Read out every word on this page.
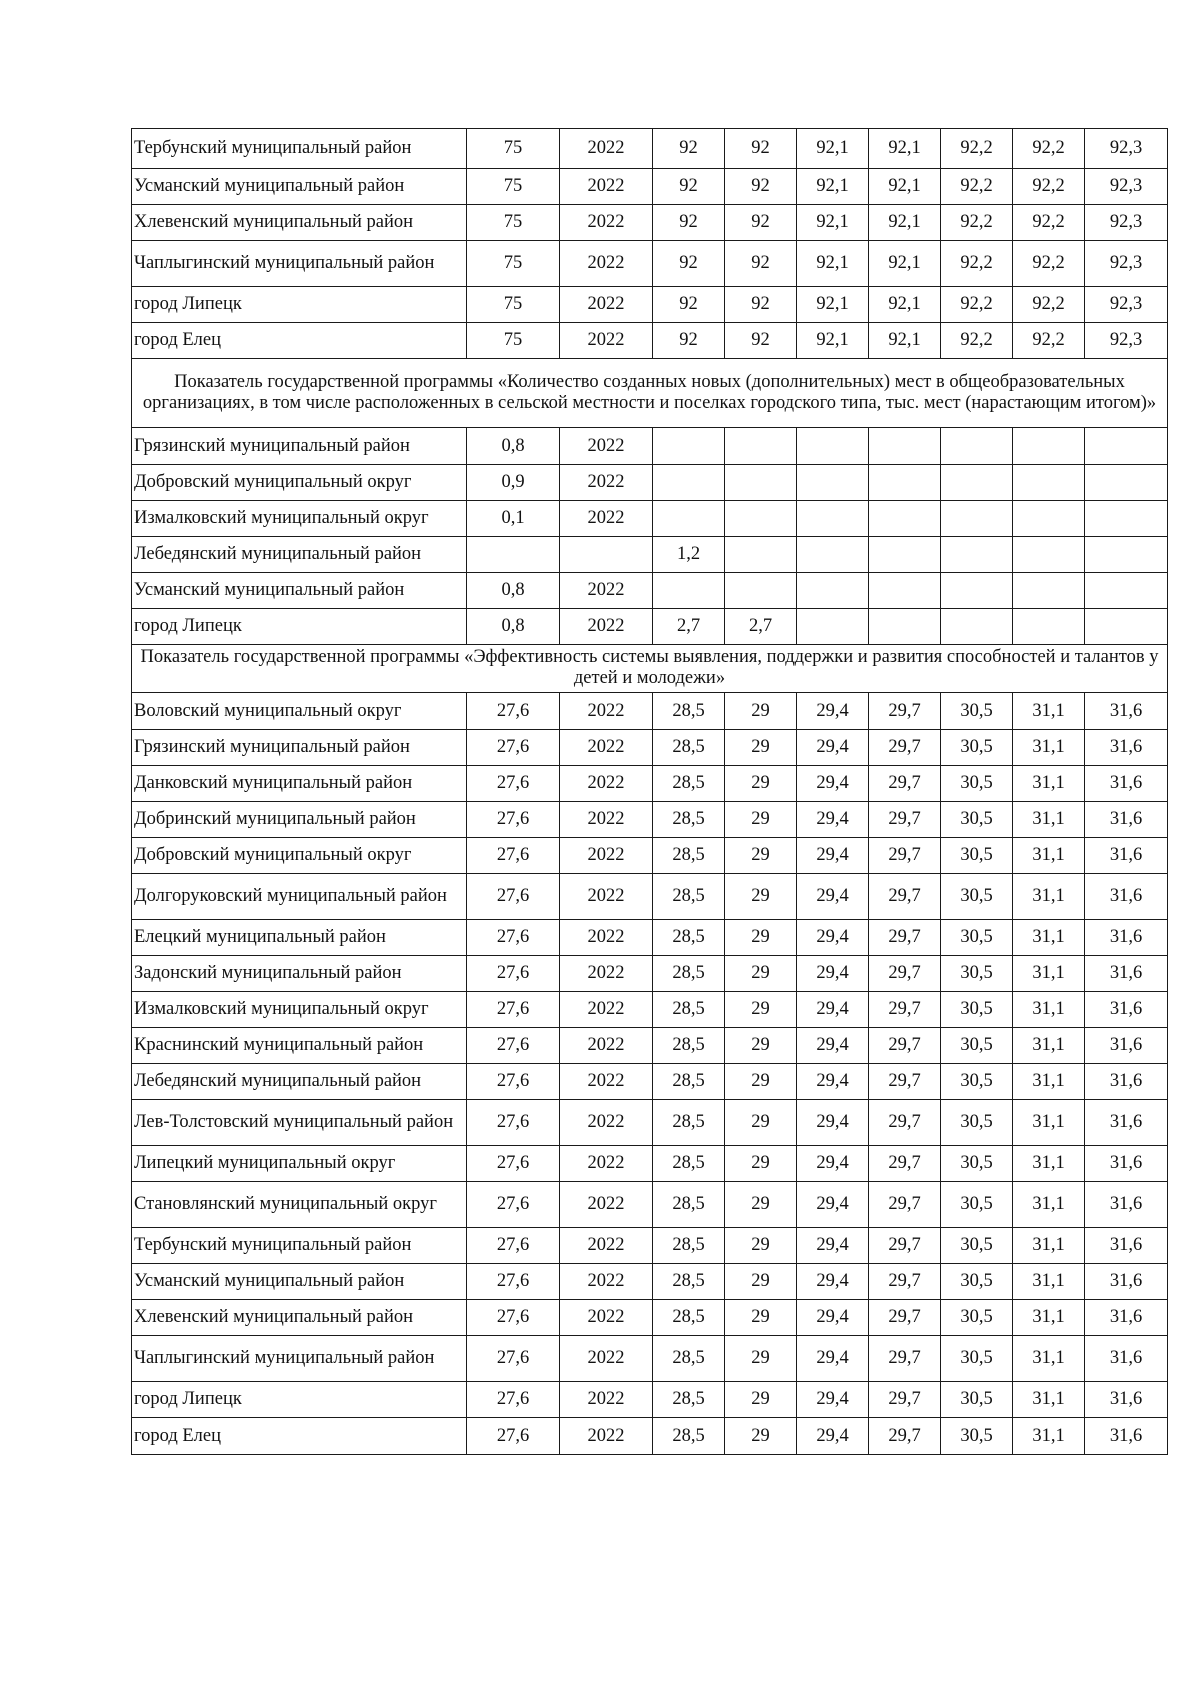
Тербунский муниципальный район	75	2022	92	92	92,1	92,1	92,2	92,2	92,3
Усманский муниципальный район	75	2022	92	92	92,1	92,1	92,2	92,2	92,3
Хлевенский муниципальный район	75	2022	92	92	92,1	92,1	92,2	92,2	92,3
Чаплыгинский муниципальный район	75	2022	92	92	92,1	92,1	92,2	92,2	92,3
город Липецк	75	2022	92	92	92,1	92,1	92,2	92,2	92,3
город Елец	75	2022	92	92	92,1	92,1	92,2	92,2	92,3
Показатель государственной программы «Количество созданных новых (дополнительных) мест в общеобразовательных организациях, в том числе расположенных в сельской местности и поселках городского типа, тыс. мест (нарастающим итогом)»									
Грязинский муниципальный район	0,8	2022							
Добровский муниципальный округ	0,9	2022							
Измалковский муниципальный округ	0,1	2022							
Лебедянский муниципальный район			1,2						
Усманский муниципальный район	0,8	2022							
город Липецк	0,8	2022	2,7	2,7					
Показатель государственной программы «Эффективность системы выявления, поддержки и развития способностей и талантов у детей и молодежи»									
Воловский муниципальный округ	27,6	2022	28,5	29	29,4	29,7	30,5	31,1	31,6
Грязинский муниципальный район	27,6	2022	28,5	29	29,4	29,7	30,5	31,1	31,6
Данковский муниципальный район	27,6	2022	28,5	29	29,4	29,7	30,5	31,1	31,6
Добринский муниципальный район	27,6	2022	28,5	29	29,4	29,7	30,5	31,1	31,6
Добровский муниципальный округ	27,6	2022	28,5	29	29,4	29,7	30,5	31,1	31,6
Долгоруковский муниципальный район	27,6	2022	28,5	29	29,4	29,7	30,5	31,1	31,6
Елецкий муниципальный район	27,6	2022	28,5	29	29,4	29,7	30,5	31,1	31,6
Задонский муниципальный район	27,6	2022	28,5	29	29,4	29,7	30,5	31,1	31,6
Измалковский муниципальный округ	27,6	2022	28,5	29	29,4	29,7	30,5	31,1	31,6
Краснинский муниципальный район	27,6	2022	28,5	29	29,4	29,7	30,5	31,1	31,6
Лебедянский муниципальный район	27,6	2022	28,5	29	29,4	29,7	30,5	31,1	31,6
Лев-Толстовский муниципальный район	27,6	2022	28,5	29	29,4	29,7	30,5	31,1	31,6
Липецкий муниципальный округ	27,6	2022	28,5	29	29,4	29,7	30,5	31,1	31,6
Становлянский муниципальный округ	27,6	2022	28,5	29	29,4	29,7	30,5	31,1	31,6
Тербунский муниципальный район	27,6	2022	28,5	29	29,4	29,7	30,5	31,1	31,6
Усманский муниципальный район	27,6	2022	28,5	29	29,4	29,7	30,5	31,1	31,6
Хлевенский муниципальный район	27,6	2022	28,5	29	29,4	29,7	30,5	31,1	31,6
Чаплыгинский муниципальный район	27,6	2022	28,5	29	29,4	29,7	30,5	31,1	31,6
город Липецк	27,6	2022	28,5	29	29,4	29,7	30,5	31,1	31,6
город Елец	27,6	2022	28,5	29	29,4	29,7	30,5	31,1	31,6
